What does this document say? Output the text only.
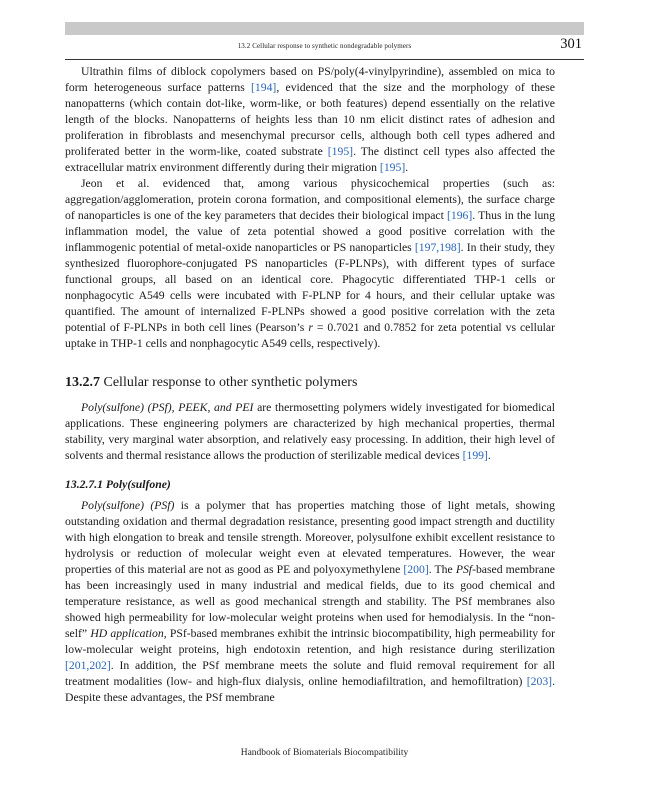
13.2 Cellular response to synthetic nondegradable polymers	301

Ultrathin films of diblock copolymers based on PS/poly(4-vinylpyrindine), assembled on mica to form heterogeneous surface patterns [194], evidenced that the size and the morphology of these nanopatterns (which contain dot-like, worm-like, or both features) depend essentially on the relative length of the blocks. Nanopatterns of heights less than 10 nm elicit distinct rates of adhesion and proliferation in fibroblasts and mesenchymal precursor cells, although both cell types adhered and proliferated better in the worm-like, coated substrate [195]. The distinct cell types also affected the extracellular matrix environment differently during their migration [195].

Jeon et al. evidenced that, among various physicochemical properties (such as: aggregation/agglomeration, protein corona formation, and compositional elements), the surface charge of nanoparticles is one of the key parameters that decides their biological impact [196]. Thus in the lung inflammation model, the value of zeta potential showed a good positive correlation with the inflammogenic potential of metal-oxide nanoparticles or PS nanoparticles [197,198]. In their study, they synthesized fluorophore-conjugated PS nanoparticles (F-PLNPs), with different types of surface functional groups, all based on an identical core. Phagocytic differentiated THP-1 cells or nonphagocytic A549 cells were incubated with F-PLNP for 4 hours, and their cellular uptake was quantified. The amount of internalized F-PLNPs showed a good positive correlation with the zeta potential of F-PLNPs in both cell lines (Pearson’s r = 0.7021 and 0.7852 for zeta potential vs cellular uptake in THP-1 cells and nonphagocytic A549 cells, respectively).

13.2.7 Cellular response to other synthetic polymers

Poly(sulfone) (PSf), PEEK, and PEI are thermosetting polymers widely investigated for biomedical applications. These engineering polymers are characterized by high mechanical properties, thermal stability, very marginal water absorption, and relatively easy processing. In addition, their high level of solvents and thermal resistance allows the production of sterilizable medical devices [199].

13.2.7.1 Poly(sulfone)

Poly(sulfone) (PSf) is a polymer that has properties matching those of light metals, showing outstanding oxidation and thermal degradation resistance, presenting good impact strength and ductility with high elongation to break and tensile strength. Moreover, polysulfone exhibit excellent resistance to hydrolysis or reduction of molecular weight even at elevated temperatures. However, the wear properties of this material are not as good as PE and polyoxymethylene [200]. The PSf-based membrane has been increasingly used in many industrial and medical fields, due to its good chemical and temperature resistance, as well as good mechanical strength and stability. The PSf membranes also showed high permeability for low-molecular weight proteins when used for hemodialysis. In the “non-self” HD application, PSf-based membranes exhibit the intrinsic biocompatibility, high permeability for low-molecular weight proteins, high endotoxin retention, and high resistance during sterilization [201,202]. In addition, the PSf membrane meets the solute and fluid removal requirement for all treatment modalities (low- and high-flux dialysis, online hemodiafiltration, and hemofiltration) [203]. Despite these advantages, the PSf membrane

Handbook of Biomaterials Biocompatibility
